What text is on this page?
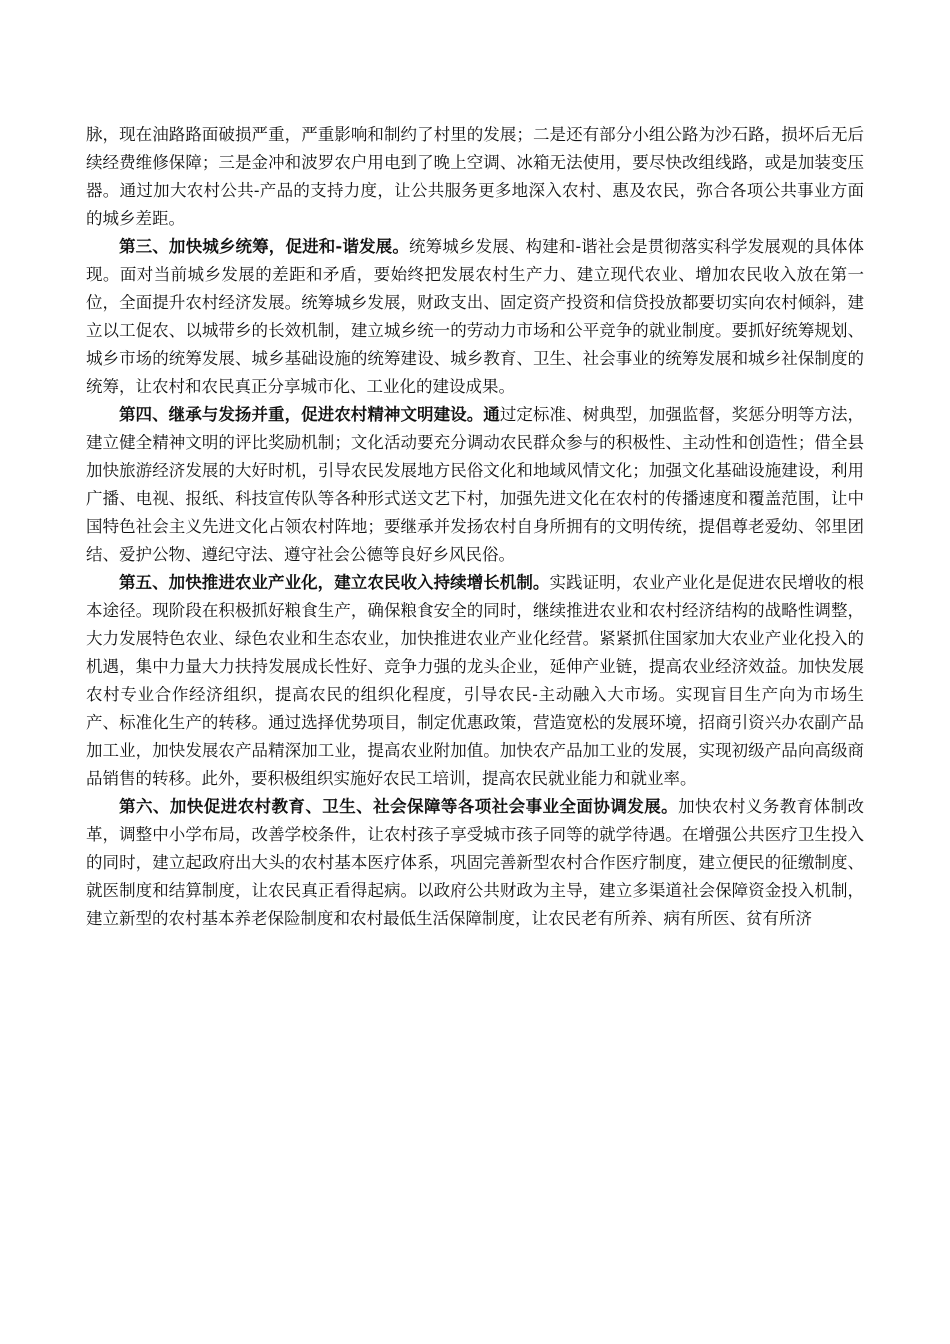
脉，现在油路路面破损严重，严重影响和制约了村里的发展；二是还有部分小组公路为沙石路，损坏后无后续经费维修保障；三是金冲和波罗农户用电到了晚上空调、冰箱无法使用，要尽快改组线路，或是加装变压器。通过加大农村公共-产品的支持力度，让公共服务更多地深入农村、惠及农民，弥合各项公共事业方面的城乡差距。

第三、加快城乡统筹，促进和-谐发展。统筹城乡发展、构建和-谐社会是贯彻落实科学发展观的具体体现。面对当前城乡发展的差距和矛盾，要始终把发展农村生产力、建立现代农业、增加农民收入放在第一位，全面提升农村经济发展。统筹城乡发展，财政支出、固定资产投资和信贷投放都要切实向农村倾斜，建立以工促农、以城带乡的长效机制，建立城乡统一的劳动力市场和公平竞争的就业制度。要抓好统筹规划、城乡市场的统筹发展、城乡基础设施的统筹建设、城乡教育、卫生、社会事业的统筹发展和城乡社保制度的统筹，让农村和农民真正分享城市化、工业化的建设成果。

第四、继承与发扬并重，促进农村精神文明建设。通过定标准、树典型，加强监督，奖惩分明等方法，建立健全精神文明的评比奖励机制；文化活动要充分调动农民群众参与的积极性、主动性和创造性；借全县加快旅游经济发展的大好时机，引导农民发展地方民俗文化和地域风情文化；加强文化基础设施建设，利用广播、电视、报纸、科技宣传队等各种形式送文艺下村，加强先进文化在农村的传播速度和覆盖范围，让中国特色社会主义先进文化占领农村阵地；要继承并发扬农村自身所拥有的文明传统，提倡尊老爱幼、邻里团结、爱护公物、遵纪守法、遵守社会公德等良好乡风民俗。

第五、加快推进农业产业化，建立农民收入持续增长机制。实践证明，农业产业化是促进农民增收的根本途径。现阶段在积极抓好粮食生产，确保粮食安全的同时，继续推进农业和农村经济结构的战略性调整，大力发展特色农业、绿色农业和生态农业，加快推进农业产业化经营。紧紧抓住国家加大农业产业化投入的机遇，集中力量大力扶持发展成长性好、竞争力强的龙头企业，延伸产业链，提高农业经济效益。加快发展农村专业合作经济组织，提高农民的组织化程度，引导农民-主动融入大市场。实现盲目生产向为市场生产、标准化生产的转移。通过选择优势项目，制定优惠政策，营造宽松的发展环境，招商引资兴办农副产品加工业，加快发展农产品精深加工业，提高农业附加值。加快农产品加工业的发展，实现初级产品向高级商品销售的转移。此外，要积极组织实施好农民工培训，提高农民就业能力和就业率。

第六、加快促进农村教育、卫生、社会保障等各项社会事业全面协调发展。加快农村义务教育体制改革，调整中小学布局，改善学校条件，让农村孩子享受城市孩子同等的就学待遇。在增强公共医疗卫生投入的同时，建立起政府出大头的农村基本医疗体系，巩固完善新型农村合作医疗制度，建立便民的征缴制度、就医制度和结算制度，让农民真正看得起病。以政府公共财政为主导，建立多渠道社会保障资金投入机制，建立新型的农村基本养老保险制度和农村最低生活保障制度，让农民老有所养、病有所医、贫有所济
